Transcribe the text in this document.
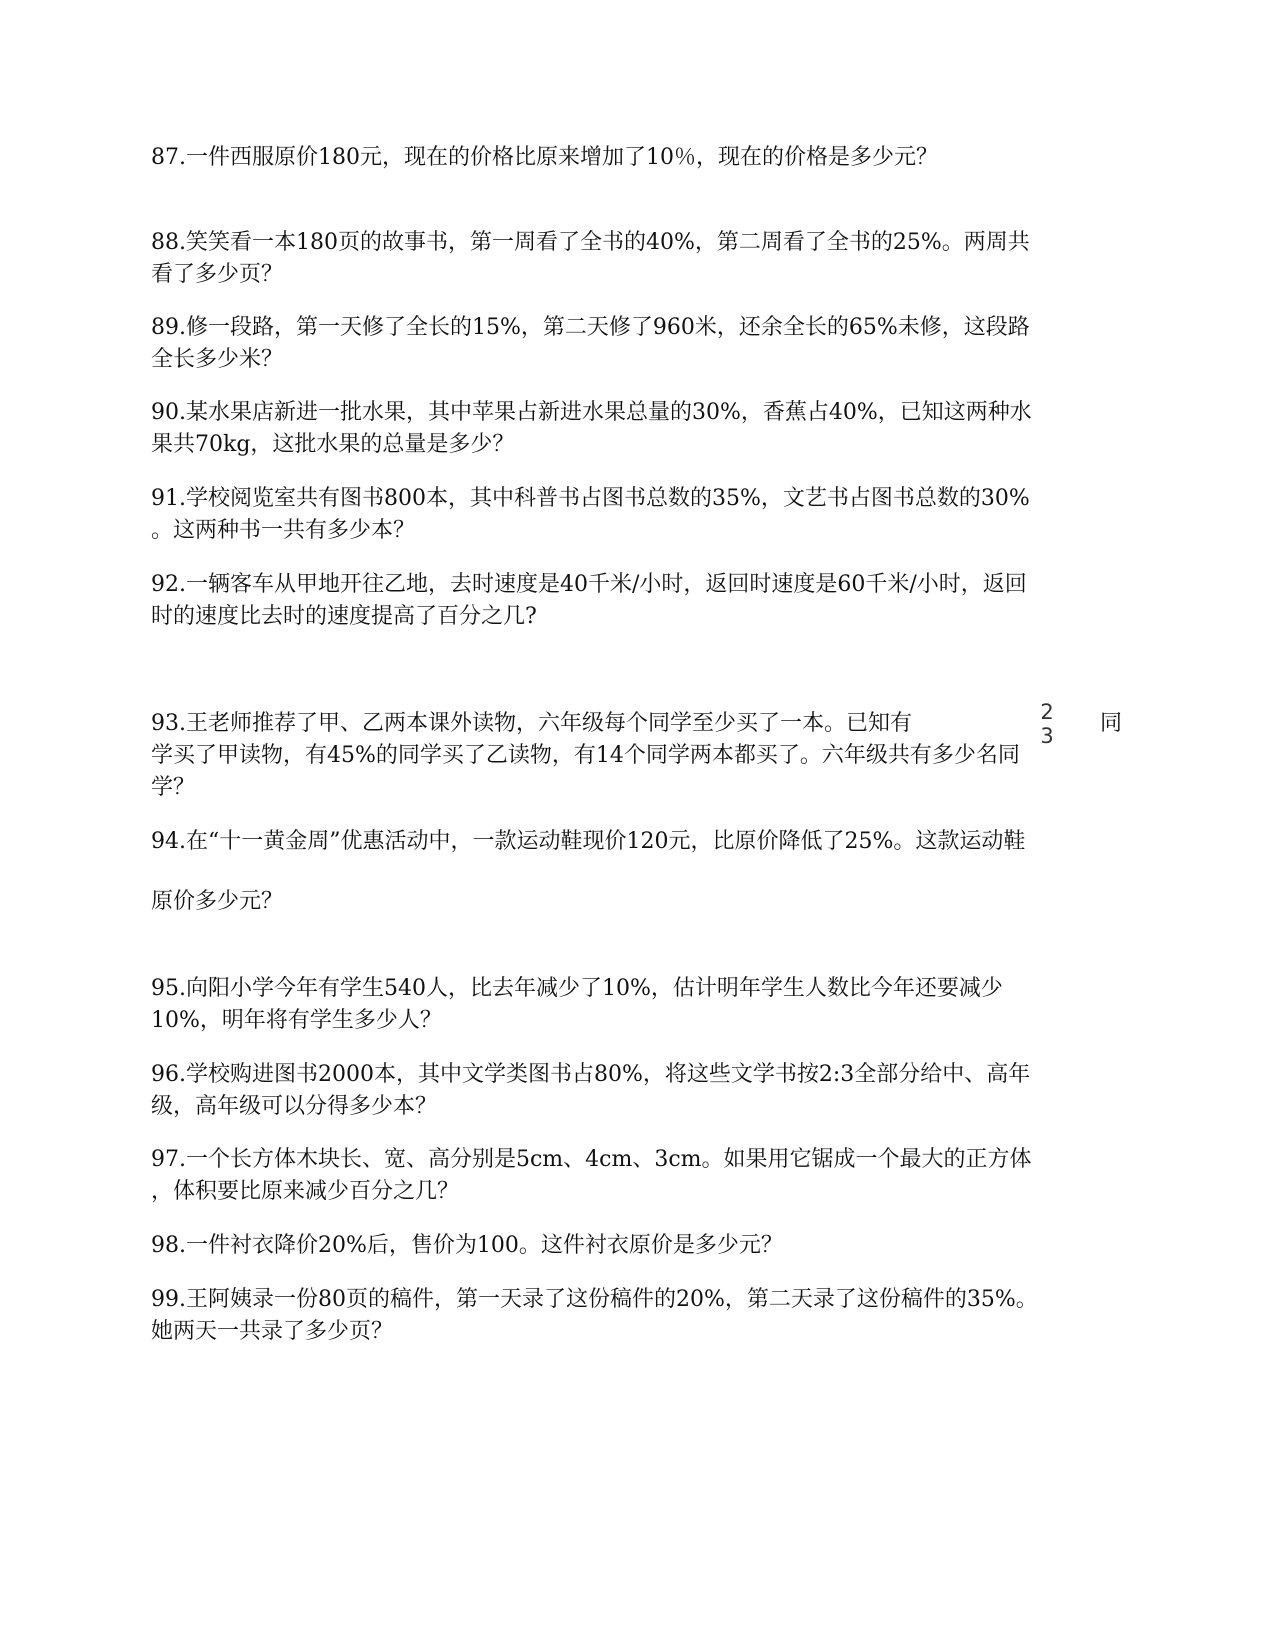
87.一件西服原价180元，现在的价格比原来增加了10％，现在的价格是多少元？
88.笑笑看一本180页的故事书，第一周看了全书的40%，第二周看了全书的25%。两周共
看了多少页？
89.修一段路，第一天修了全长的15%，第二天修了960米，还余全长的65%未修，这段路
全长多少米？
90.某水果店新进一批水果，其中苹果占新进水果总量的30%，香蕉占40%，已知这两种水
果共70kg，这批水果的总量是多少？
91.学校阅览室共有图书800本，其中科普书占图书总数的35%，文艺书占图书总数的30%
。这两种书一共有多少本？
92.一辆客车从甲地开往乙地，去时速度是40千米/小时，返回时速度是60千米/小时，返回
时的速度比去时的速度提高了百分之几?
2
3
93.王老师推荐了甲、乙两本课外读物，六年级每个同学至少买了一本。已知有	同
学买了甲读物，有45%的同学买了乙读物，有14个同学两本都买了。六年级共有多少名同
学？
94.在“十一黄金周”优惠活动中，一款运动鞋现价120元，比原价降低了25%。这款运动鞋
原价多少元？
95.向阳小学今年有学生540人，比去年减少了10%，估计明年学生人数比今年还要减少
10%，明年将有学生多少人？
96.学校购进图书2000本，其中文学类图书占80%，将这些文学书按2:3全部分给中、高年
级，高年级可以分得多少本？
97.一个长方体木块长、宽、高分别是5cm、4cm、3cm。如果用它锯成一个最大的正方体
，体积要比原来减少百分之几？
98.一件衬衣降价20%后，售价为100。这件衬衣原价是多少元？
99.王阿姨录一份80页的稿件，第一天录了这份稿件的20%，第二天录了这份稿件的35%。
她两天一共录了多少页？
